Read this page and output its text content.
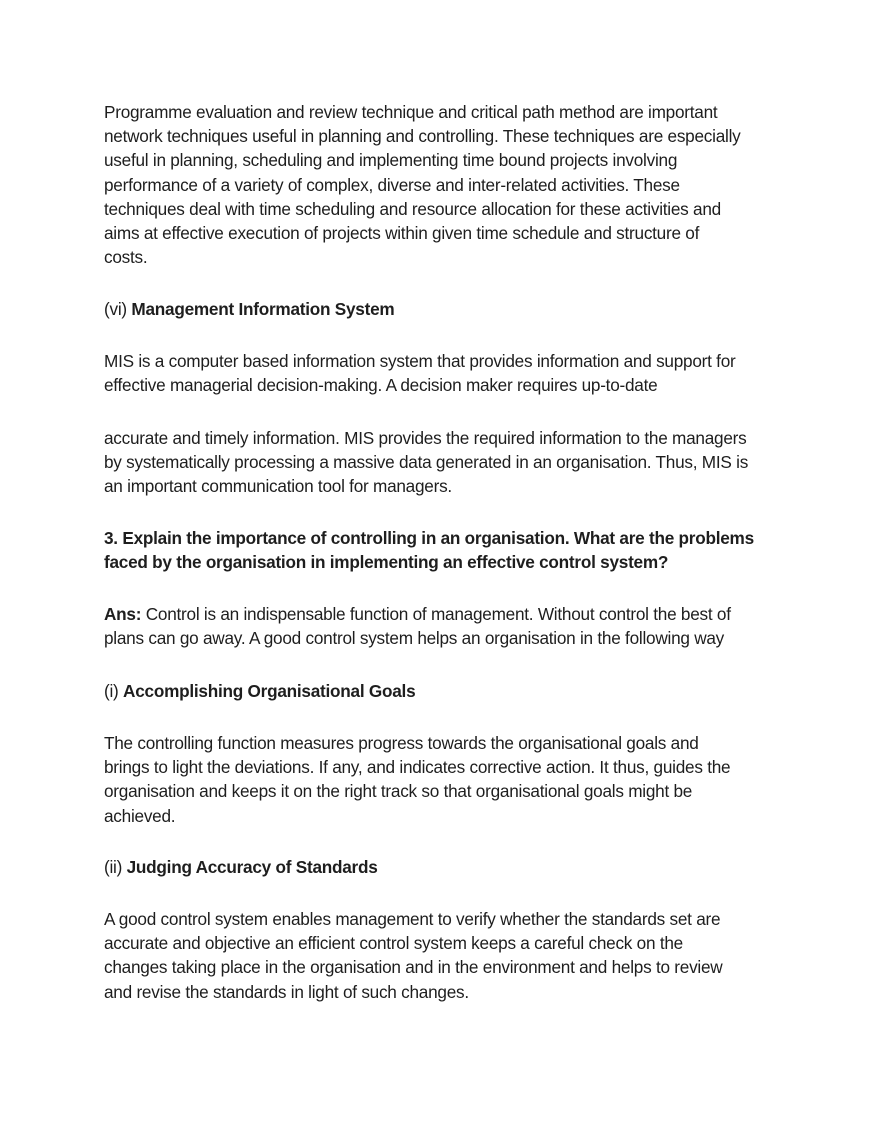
Programme evaluation and review technique and critical path method are important
network techniques useful in planning and controlling. These techniques are especially
useful in planning, scheduling and implementing time bound projects involving
performance of a variety of complex, diverse and inter-related activities. These
techniques deal with time scheduling and resource allocation for these activities and
aims at effective execution of projects within given time schedule and structure of
costs.
(vi) Management Information System
MIS is a computer based information system that provides information and support for
effective managerial decision-making. A decision maker requires up-to-date
accurate and timely information. MIS provides the required information to the managers
by systematically processing a massive data generated in an organisation. Thus, MIS is
an important communication tool for managers.
3. Explain the importance of controlling in an organisation. What are the problems
faced by the organisation in implementing an effective control system?
Ans: Control is an indispensable function of management. Without control the best of
plans can go away. A good control system helps an organisation in the following way
(i) Accomplishing Organisational Goals
The controlling function measures progress towards the organisational goals and
brings to light the deviations. If any, and indicates corrective action. It thus, guides the
organisation and keeps it on the right track so that organisational goals might be
achieved.
(ii) Judging Accuracy of Standards
A good control system enables management to verify whether the standards set are
accurate and objective an efficient control system keeps a careful check on the
changes taking place in the organisation and in the environment and helps to review
and revise the standards in light of such changes.
